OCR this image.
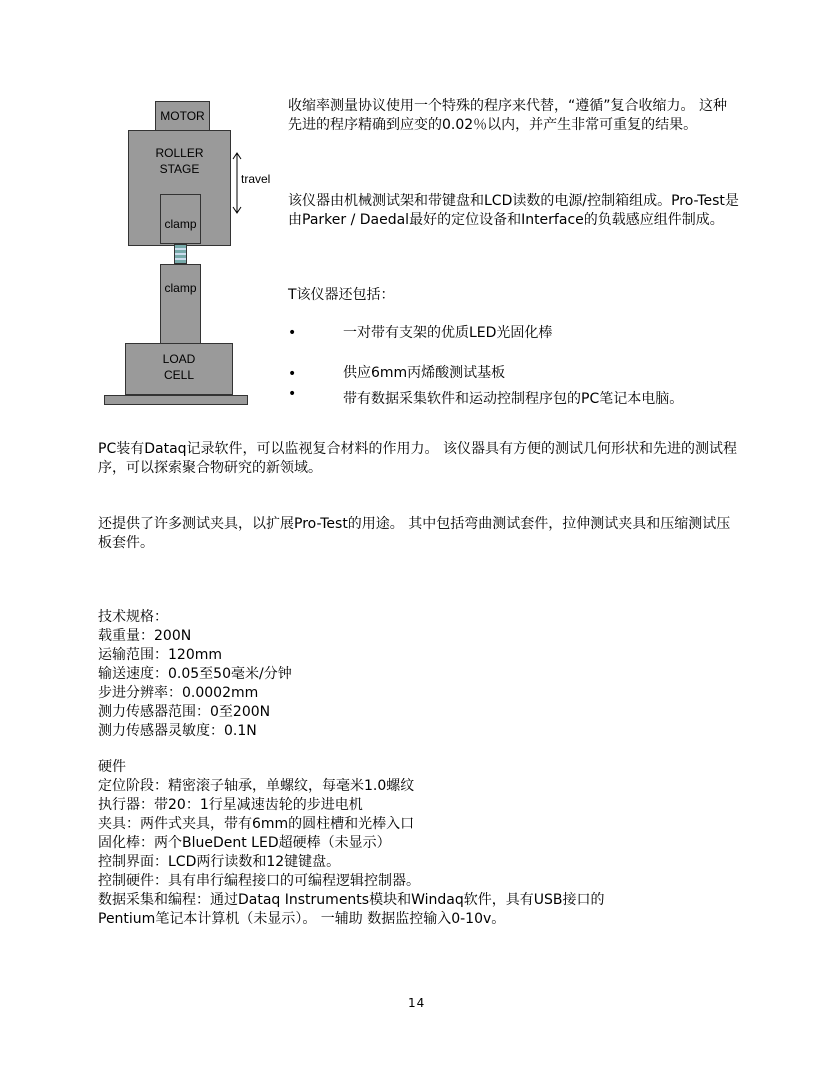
MOTOR
ROLLER
STAGE
clamp
clamp
LOAD
CELL
travel
收缩率测量协议使用一个特殊的程序来代替，“遵循”复合收缩力。 这种先进的程序精确到应变的0.02％以内，并产生非常可重复的结果。
该仪器由机械测试架和带键盘和LCD读数的电源/控制箱组成。Pro-Test是由Parker / Daedal最好的定位设备和Interface的负载感应组件制成。
T该仪器还包括：
•	一对带有支架的优质LED光固化棒
•	供应6mm丙烯酸测试基板
•	带有数据采集软件和运动控制程序包的PC笔记本电脑。
PC装有Dataq记录软件，可以监视复合材料的作用力。 该仪器具有方便的测试几何形状和先进的测试程序，可以探索聚合物研究的新领域。
还提供了许多测试夹具，以扩展Pro-Test的用途。 其中包括弯曲测试套件，拉伸测试夹具和压缩测试压板套件。
技术规格：
载重量：200N
运输范围：120mm
输送速度：0.05至50毫米/分钟
步进分辨率：0.0002mm
测力传感器范围：0至200N
测力传感器灵敏度：0.1N
硬件
定位阶段：精密滚子轴承，单螺纹，每毫米1.0螺纹
执行器：带20：1行星减速齿轮的步进电机
夹具：两件式夹具，带有6mm的圆柱槽和光棒入口
固化棒：两个BlueDent LED超硬棒（未显示）
控制界面：LCD两行读数和12键键盘。
控制硬件：具有串行编程接口的可编程逻辑控制器。
数据采集和编程：通过Dataq Instruments模块和Windaq软件，具有USB接口的
Pentium笔记本计算机（未显示）。 一辅助 数据监控输入0-10v。
14
